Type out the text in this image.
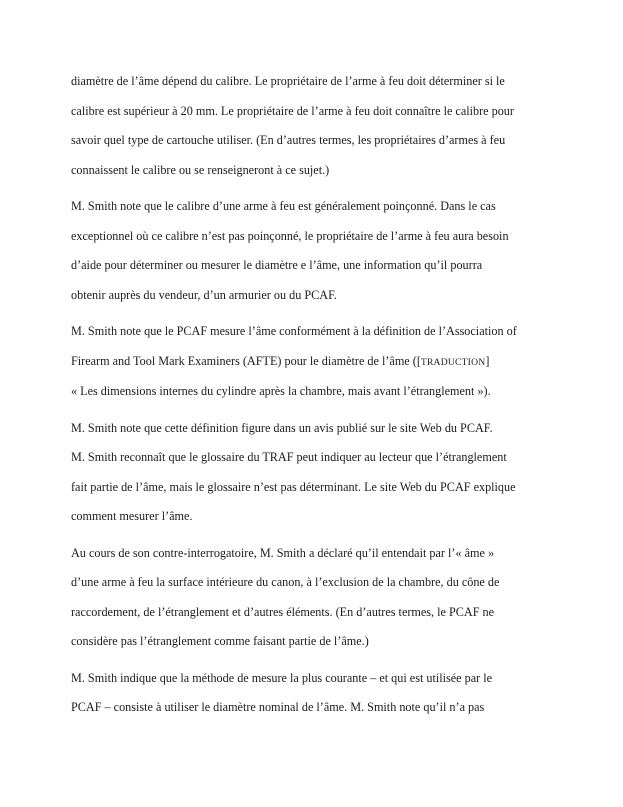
diamètre de l’âme dépend du calibre. Le propriétaire de l’arme à feu doit déterminer si le
calibre est supérieur à 20 mm. Le propriétaire de l’arme à feu doit connaître le calibre pour
savoir quel type de cartouche utiliser. (En d’autres termes, les propriétaires d’armes à feu
connaissent le calibre ou se renseigneront à ce sujet.)

M. Smith note que le calibre d’une arme à feu est généralement poinçonné. Dans le cas
exceptionnel où ce calibre n’est pas poinçonné, le propriétaire de l’arme à feu aura besoin
d’aide pour déterminer ou mesurer le diamètre e l’âme, une information qu’il pourra
obtenir auprès du vendeur, d’un armurier ou du PCAF.

M. Smith note que le PCAF mesure l’âme conformément à la définition de l’Association of
Firearm and Tool Mark Examiners (AFTE) pour le diamètre de l’âme ([TRADUCTION]
« Les dimensions internes du cylindre après la chambre, mais avant l’étranglement »).

M. Smith note que cette définition figure dans un avis publié sur le site Web du PCAF.
M. Smith reconnaît que le glossaire du TRAF peut indiquer au lecteur que l’étranglement
fait partie de l’âme, mais le glossaire n’est pas déterminant. Le site Web du PCAF explique
comment mesurer l’âme.

Au cours de son contre-interrogatoire, M. Smith a déclaré qu’il entendait par l’« âme »
d’une arme à feu la surface intérieure du canon, à l’exclusion de la chambre, du cône de
raccordement, de l’étranglement et d’autres éléments. (En d’autres termes, le PCAF ne
considère pas l’étranglement comme faisant partie de l’âme.)

M. Smith indique que la méthode de mesure la plus courante – et qui est utilisée par le
PCAF – consiste à utiliser le diamètre nominal de l’âme. M. Smith note qu’il n’a pas
